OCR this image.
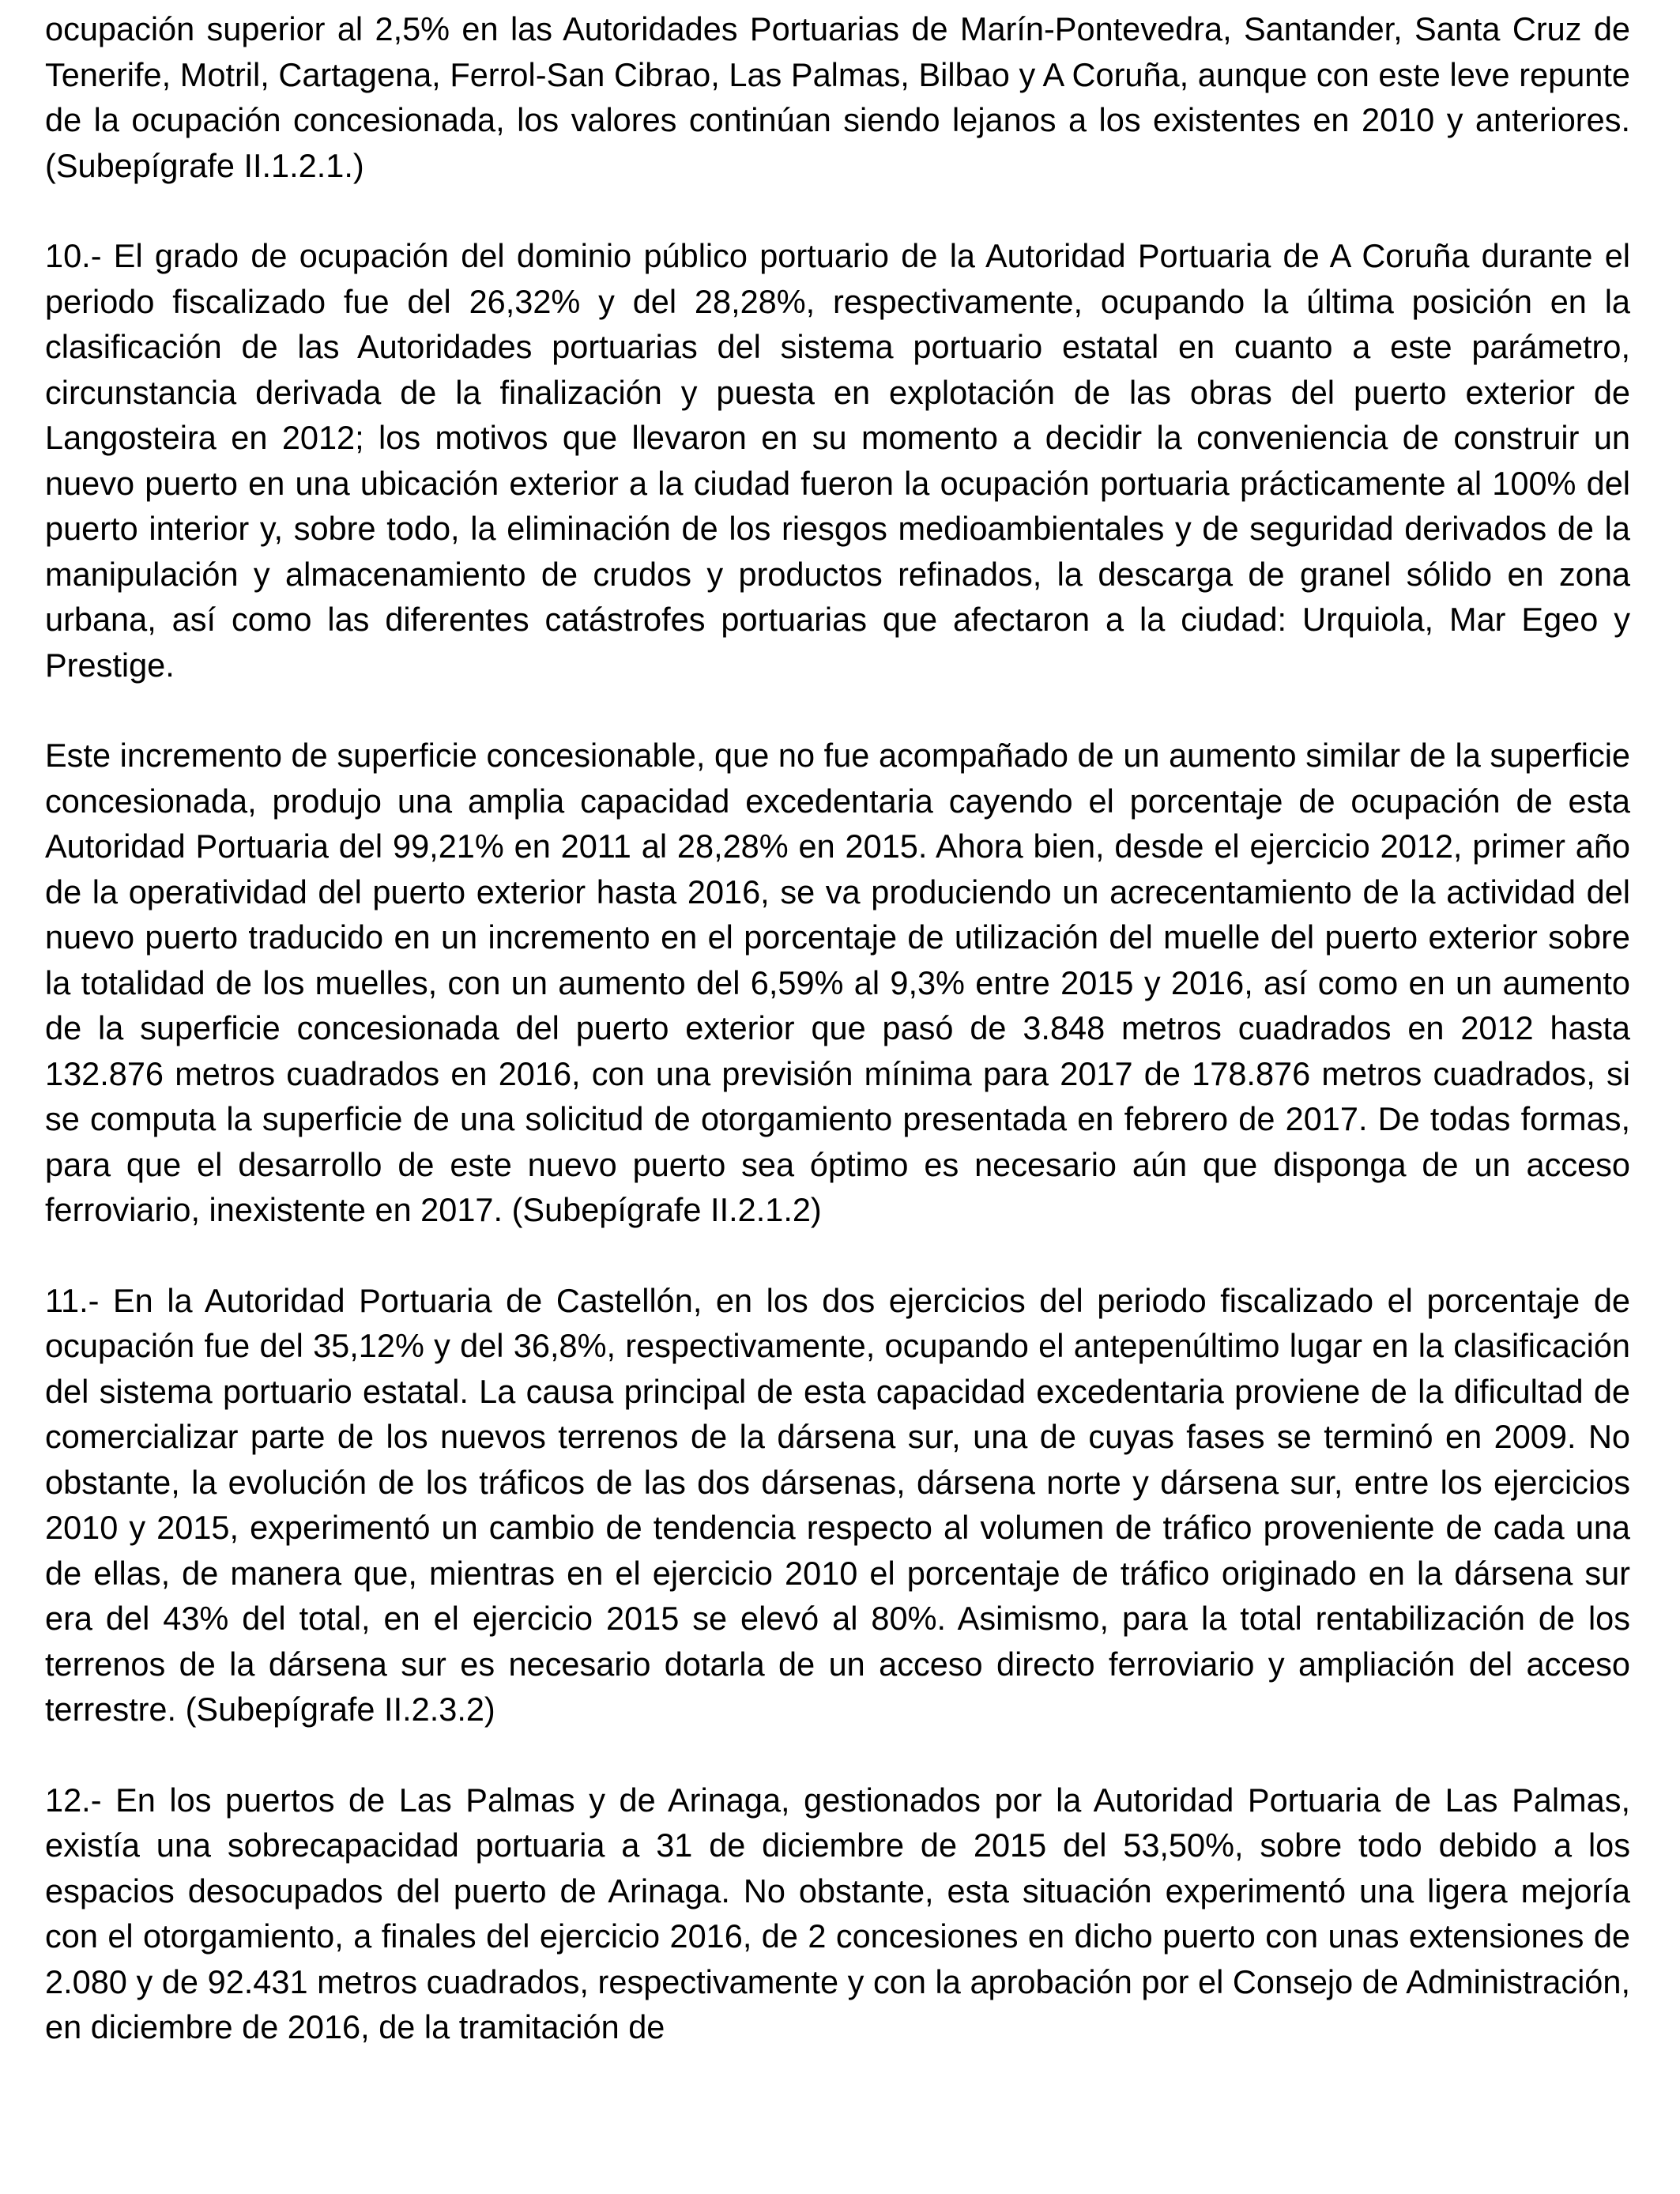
ocupación superior al 2,5% en las Autoridades Portuarias de Marín-Pontevedra, Santander, Santa Cruz de Tenerife, Motril, Cartagena, Ferrol-San Cibrao, Las Palmas, Bilbao y A Coruña, aunque con este leve repunte de la ocupación concesionada, los valores continúan siendo lejanos a los existentes en 2010 y anteriores. (Subepígrafe II.1.2.1.)

10.- El grado de ocupación del dominio público portuario de la Autoridad Portuaria de A Coruña durante el periodo fiscalizado fue del 26,32% y del 28,28%, respectivamente, ocupando la última posición en la clasificación de las Autoridades portuarias del sistema portuario estatal en cuanto a este parámetro, circunstancia derivada de la finalización y puesta en explotación de las obras del puerto exterior de Langosteira en 2012; los motivos que llevaron en su momento a decidir la conveniencia de construir un nuevo puerto en una ubicación exterior a la ciudad fueron la ocupación portuaria prácticamente al 100% del puerto interior y, sobre todo, la eliminación de los riesgos medioambientales y de seguridad derivados de la manipulación y almacenamiento de crudos y productos refinados, la descarga de granel sólido en zona urbana, así como las diferentes catástrofes portuarias que afectaron a la ciudad: Urquiola, Mar Egeo y Prestige.

Este incremento de superficie concesionable, que no fue acompañado de un aumento similar de la superficie concesionada, produjo una amplia capacidad excedentaria cayendo el porcentaje de ocupación de esta Autoridad Portuaria del 99,21% en 2011 al 28,28% en 2015. Ahora bien, desde el ejercicio 2012, primer año de la operatividad del puerto exterior hasta 2016, se va produciendo un acrecentamiento de la actividad del nuevo puerto traducido en un incremento en el porcentaje de utilización del muelle del puerto exterior sobre la totalidad de los muelles, con un aumento del 6,59% al 9,3% entre 2015 y 2016, así como en un aumento de la superficie concesionada del puerto exterior que pasó de 3.848 metros cuadrados en 2012 hasta 132.876 metros cuadrados en 2016, con una previsión mínima para 2017 de 178.876 metros cuadrados, si se computa la superficie de una solicitud de otorgamiento presentada en febrero de 2017. De todas formas, para que el desarrollo de este nuevo puerto sea óptimo es necesario aún que disponga de un acceso ferroviario, inexistente en 2017. (Subepígrafe II.2.1.2)

11.- En la Autoridad Portuaria de Castellón, en los dos ejercicios del periodo fiscalizado el porcentaje de ocupación fue del 35,12% y del 36,8%, respectivamente, ocupando el antepenúltimo lugar en la clasificación del sistema portuario estatal. La causa principal de esta capacidad excedentaria proviene de la dificultad de comercializar parte de los nuevos terrenos de la dársena sur, una de cuyas fases se terminó en 2009. No obstante, la evolución de los tráficos de las dos dársenas, dársena norte y dársena sur, entre los ejercicios 2010 y 2015, experimentó un cambio de tendencia respecto al volumen de tráfico proveniente de cada una de ellas, de manera que, mientras en el ejercicio 2010 el porcentaje de tráfico originado en la dársena sur era del 43% del total, en el ejercicio 2015 se elevó al 80%. Asimismo, para la total rentabilización de los terrenos de la dársena sur es necesario dotarla de un acceso directo ferroviario y ampliación del acceso terrestre. (Subepígrafe II.2.3.2)

12.- En los puertos de Las Palmas y de Arinaga, gestionados por la Autoridad Portuaria de Las Palmas, existía una sobrecapacidad portuaria a 31 de diciembre de 2015 del 53,50%, sobre todo debido a los espacios desocupados del puerto de Arinaga. No obstante, esta situación experimentó una ligera mejoría con el otorgamiento, a finales del ejercicio 2016, de 2 concesiones en dicho puerto con unas extensiones de 2.080 y de 92.431 metros cuadrados, respectivamente y con la aprobación por el Consejo de Administración, en diciembre de 2016, de la tramitación de
